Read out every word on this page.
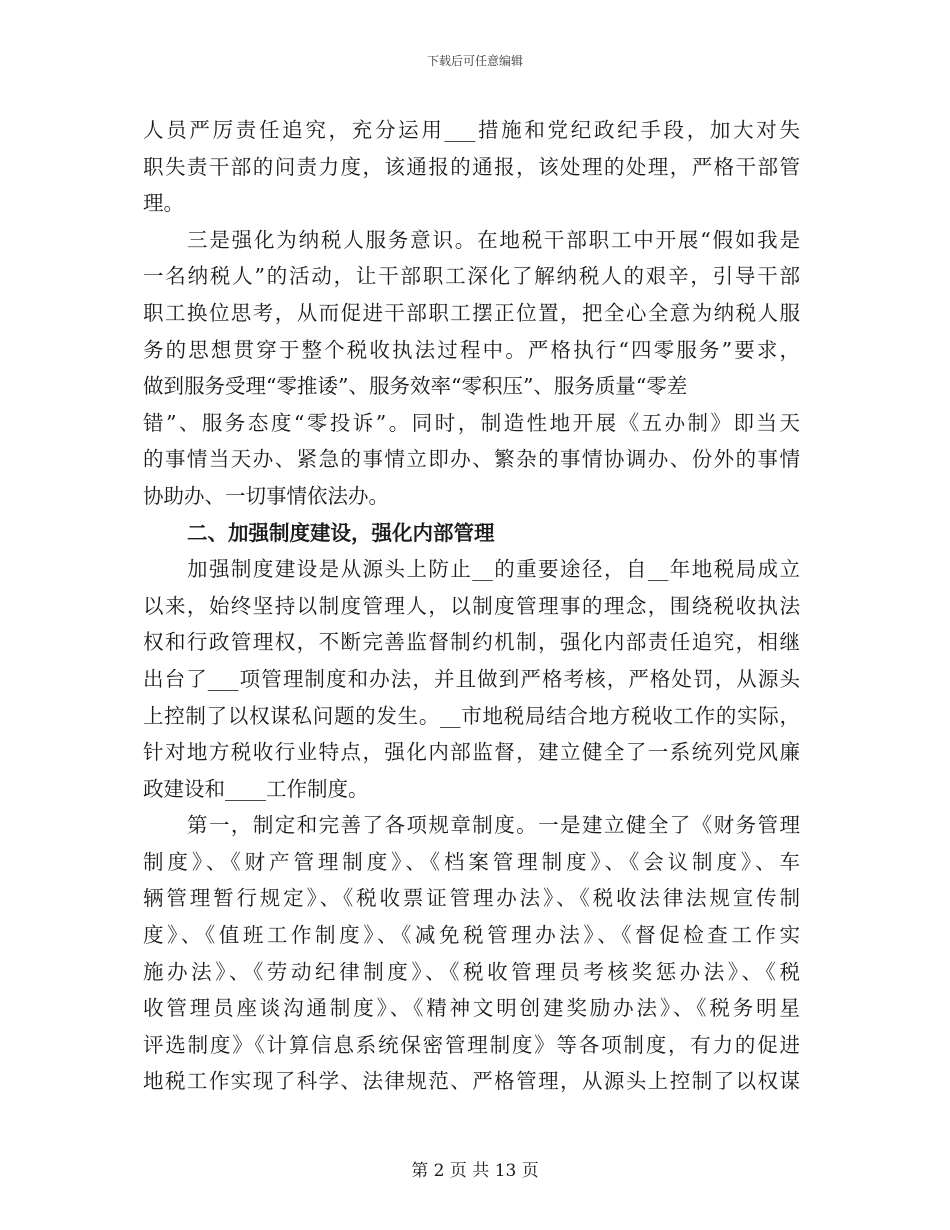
下载后可任意编辑
人员严厉责任追究，充分运用___措施和党纪政纪手段，加大对失
职失责干部的问责力度，该通报的通报，该处理的处理，严格干部管
理。
三是强化为纳税人服务意识。在地税干部职工中开展“假如我是
一名纳税人”的活动，让干部职工深化了解纳税人的艰辛，引导干部
职工换位思考，从而促进干部职工摆正位置，把全心全意为纳税人服
务的思想贯穿于整个税收执法过程中。严格执行“四零服务”要求，
做到服务受理“零推诿”、服务效率“零积压”、服务质量“零差
错”、服务态度“零投诉”。同时，制造性地开展《五办制》即当天
的事情当天办、紧急的事情立即办、繁杂的事情协调办、份外的事情
协助办、一切事情依法办。
二、加强制度建设，强化内部管理
加强制度建设是从源头上防止__的重要途径，自__年地税局成立
以来，始终坚持以制度管理人，以制度管理事的理念，围绕税收执法
权和行政管理权，不断完善监督制约机制，强化内部责任追究，相继
出台了___项管理制度和办法，并且做到严格考核，严格处罚，从源头
上控制了以权谋私问题的发生。__市地税局结合地方税收工作的实际，
针对地方税收行业特点，强化内部监督，建立健全了一系统列党风廉
政建设和____工作制度。
第一，制定和完善了各项规章制度。一是建立健全了《财务管理
制度》、《财产管理制度》、《档案管理制度》、《会议制度》、车
辆管理暂行规定》、《税收票证管理办法》、《税收法律法规宣传制
度》、《值班工作制度》、《减免税管理办法》、《督促检查工作实
施办法》、《劳动纪律制度》、《税收管理员考核奖惩办法》、《税
收管理员座谈沟通制度》、《精神文明创建奖励办法》、《税务明星
评选制度》《计算信息系统保密管理制度》等各项制度，有力的促进
地税工作实现了科学、法律规范、严格管理，从源头上控制了以权谋
第 2 页 共 13 页
